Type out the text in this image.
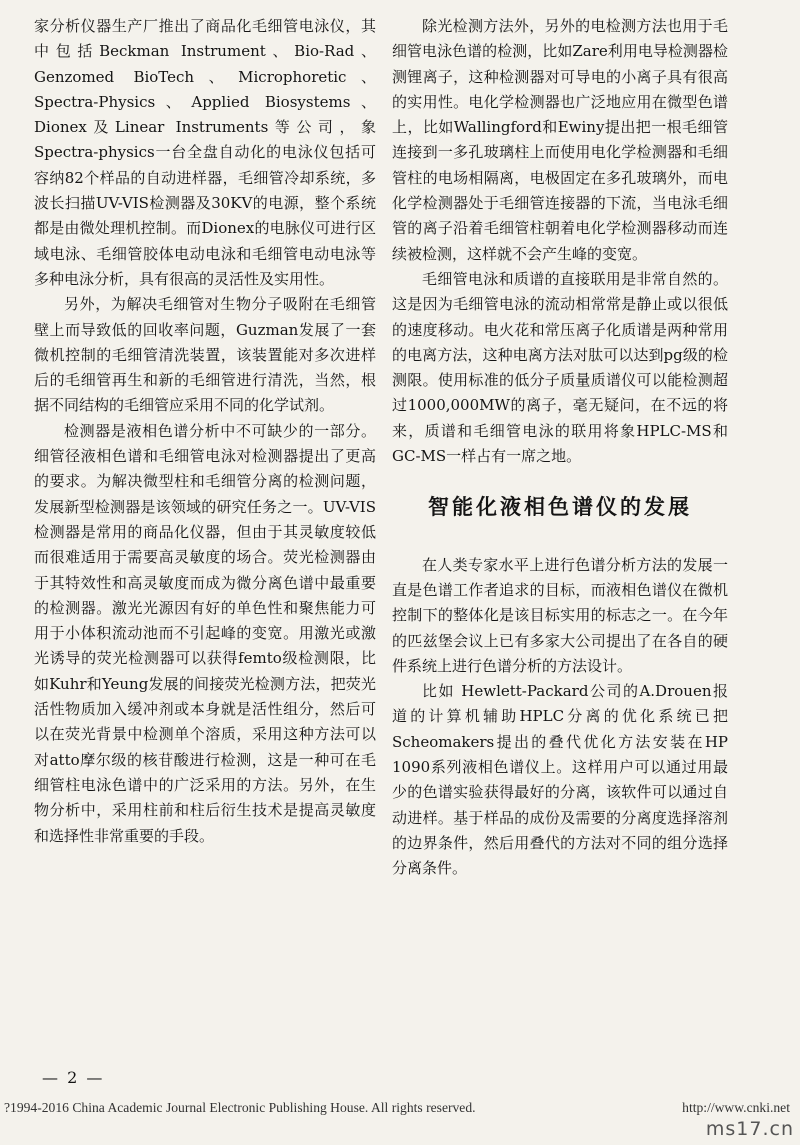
家分析仪器生产厂推出了商品化毛细管电泳仪，其中包括Beckman Instrument、Bio-Rad、Genzomed BioTech、Microphoretic、Spectra-Physics、Applied Biosystems、Dionex及Linear Instruments等公司，象Spectra-physics一台全盘自动化的电泳仪包括可容纳82个样品的自动进样器，毛细管冷却系统，多波长扫描UV-VIS检测器及30KV的电源，整个系统都是由微处理机控制。而Dionex的电脉仪可进行区域电泳、毛细管胶体电动电泳和毛细管电动电泳等多种电泳分析，具有很高的灵活性及实用性。

另外，为解决毛细管对生物分子吸附在毛细管壁上而导致低的回收率问题，Guzman发展了一套微机控制的毛细管清洗装置，该装置能对多次进样后的毛细管再生和新的毛细管进行清洗，当然，根据不同结构的毛细管应采用不同的化学试剂。

检测器是液相色谱分析中不可缺少的一部分。细管径液相色谱和毛细管电泳对检测器提出了更高的要求。为解决微型柱和毛细管分离的检测问题，发展新型检测器是该领域的研究任务之一。UV-VIS检测器是常用的商品化仪器，但由于其灵敏度较低而很难适用于需要高灵敏度的场合。荧光检测器由于其特效性和高灵敏度而成为微分离色谱中最重要的检测器。激光光源因有好的单色性和聚焦能力可用于小体积流动池而不引起峰的变宽。用激光或激光诱导的荧光检测器可以获得femto级检测限，比如Kuhr和Yeung发展的间接荧光检测方法，把荧光活性物质加入缓冲剂或本身就是活性组分，然后可以在荧光背景中检测单个溶质，采用这种方法可以对atto摩尔级的核苷酸进行检测，这是一种可在毛细管柱电泳色谱中的广泛采用的方法。另外，在生物分析中，采用柱前和柱后衍生技术是提高灵敏度和选择性非常重要的手段。

除光检测方法外，另外的电检测方法也用于毛细管电泳色谱的检测，比如Zare利用电导检测器检测锂离子，这种检测器对可导电的小离子具有很高的实用性。电化学检测器也广泛地应用在微型色谱上，比如Wallingford和Ewiny提出把一根毛细管连接到一多孔玻璃柱上而使用电化学检测器和毛细管柱的电场相隔离，电极固定在多孔玻璃外，而电化学检测器处于毛细管连接器的下流，当电泳毛细管的离子沿着毛细管柱朝着电化学检测器移动而连续被检测，这样就不会产生峰的变宽。

毛细管电泳和质谱的直接联用是非常自然的。这是因为毛细管电泳的流动相常常是静止或以很低的速度移动。电火花和常压离子化质谱是两种常用的电离方法，这种电离方法对肽可以达到pg级的检测限。使用标准的低分子质量质谱仪可以能检测超过1000,000MW的离子，毫无疑问，在不远的将来，质谱和毛细管电泳的联用将象HPLC-MS和GC-MS一样占有一席之地。

智能化液相色谱仪的发展

在人类专家水平上进行色谱分析方法的发展一直是色谱工作者追求的目标，而液相色谱仪在微机控制下的整体化是该目标实用的标志之一。在今年的匹兹堡会议上已有多家大公司提出了在各自的硬件系统上进行色谱分析的方法设计。

比如 Hewlett-Packard公司的A.Drouen报道的计算机辅助HPLC分离的优化系统已把Scheomakers提出的叠代优化方法安装在HP 1090系列液相色谱仪上。这样用户可以通过用最少的色谱实验获得最好的分离，该软件可以通过自动进样。基于样品的成份及需要的分离度选择溶剂的边界条件，然后用叠代的方法对不同的组分选择分离条件。

— 2 —
?1994-2016 China Academic Journal Electronic Publishing House. All rights reserved.	http://www.cnki.net
ms17.cn
